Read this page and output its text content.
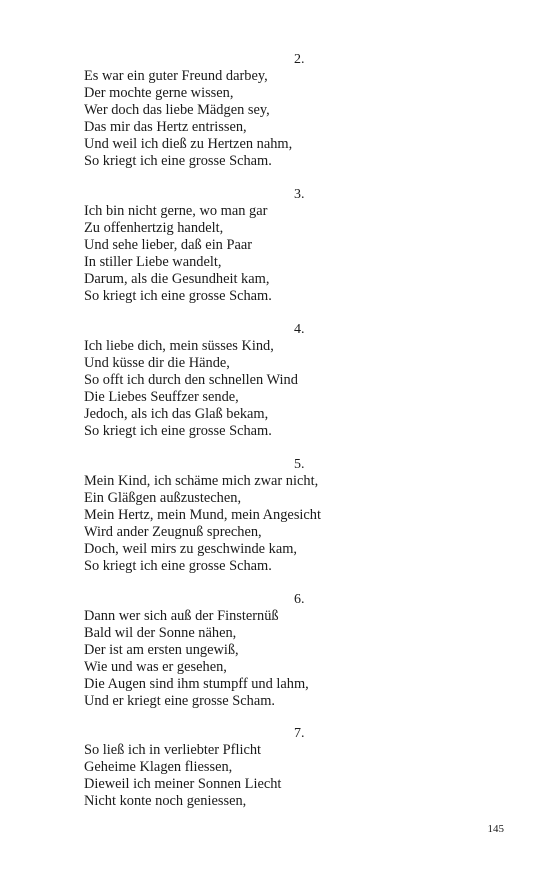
2.
Es war ein guter Freund darbey,
Der mochte gerne wissen,
Wer doch das liebe Mädgen sey,
Das mir das Hertz entrissen,
Und weil ich dieß zu Hertzen nahm,
So kriegt ich eine grosse Scham.
3.
Ich bin nicht gerne, wo man gar
Zu offenhertzig handelt,
Und sehe lieber, daß ein Paar
In stiller Liebe wandelt,
Darum, als die Gesundheit kam,
So kriegt ich eine grosse Scham.
4.
Ich liebe dich, mein süsses Kind,
Und küsse dir die Hände,
So offt ich durch den schnellen Wind
Die Liebes Seuffzer sende,
Jedoch, als ich das Glaß bekam,
So kriegt ich eine grosse Scham.
5.
Mein Kind, ich schäme mich zwar nicht,
Ein Gläßgen außzustechen,
Mein Hertz, mein Mund, mein Angesicht
Wird ander Zeugnuß sprechen,
Doch, weil mirs zu geschwinde kam,
So kriegt ich eine grosse Scham.
6.
Dann wer sich auß der Finsternüß
Bald wil der Sonne nähen,
Der ist am ersten ungewiß,
Wie und was er gesehen,
Die Augen sind ihm stumpff und lahm,
Und er kriegt eine grosse Scham.
7.
So ließ ich in verliebter Pflicht
Geheime Klagen fliessen,
Dieweil ich meiner Sonnen Liecht
Nicht konte noch geniessen,
145
